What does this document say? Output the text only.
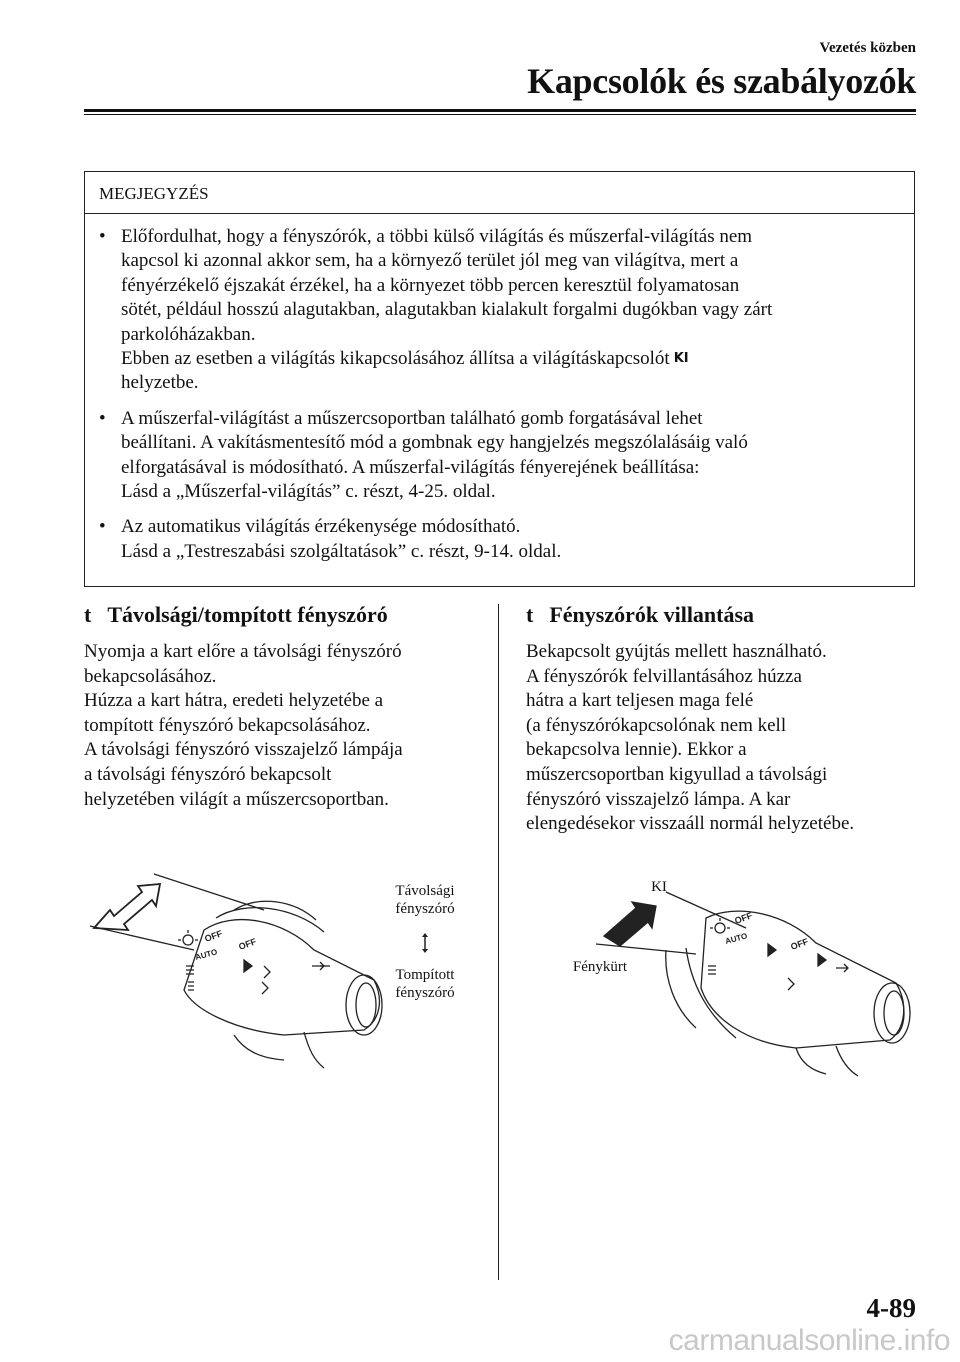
Vezetés közben
Kapcsolók és szabályozók
MEGJEGYZÉS
• Előfordulhat, hogy a fényszórók, a többi külső világítás és műszerfal-világítás nem
kapcsol ki azonnal akkor sem, ha a környező terület jól meg van világítva, mert a
fényérzékelő éjszakát érzékel, ha a környezet több percen keresztül folyamatosan
sötét, például hosszú alagutakban, alagutakban kialakult forgalmi dugókban vagy zárt
parkolóházakban.
Ebben az esetben a világítás kikapcsolásához állítsa a világításkapcsolót KI
helyzetbe.
• A műszerfal-világítást a műszercsoportban található gomb forgatásával lehet
beállítani. A vakításmentesítő mód a gombnak egy hangjelzés megszólalásáig való
elforgatásával is módosítható. A műszerfal-világítás fényerejének beállítása:
Lásd a „Műszerfal-világítás” c. részt, 4-25. oldal.
• Az automatikus világítás érzékenysége módosítható.
Lásd a „Testreszabási szolgáltatások” c. részt, 9-14. oldal.
t Távolsági/tompított fényszóró

Nyomja a kart előre a távolsági fényszóró

bekapcsolásához.

Húzza a kart hátra, eredeti helyzetébe a

tompított fényszóró bekapcsolásához.

A távolsági fényszóró visszajelző lámpája

a távolsági fényszóró bekapcsolt

helyzetében világít a műszercsoportban.

OFF
OFF
AUTO
Távolsági
fényszóró
Tompított
fényszóró
t Fényszórók villantása

Bekapcsolt gyújtás mellett használható.

A fényszórók felvillantásához húzza

hátra a kart teljesen maga felé

(a fényszórókapcsolónak nem kell

bekapcsolva lennie). Ekkor a

műszercsoportban kigyullad a távolsági

fényszóró visszajelző lámpa. A kar

elengedésekor visszaáll normál helyzetébe.

KI
Fénykürt
OFF
OFF
AUTO
4-89
carmanualsonline.info
